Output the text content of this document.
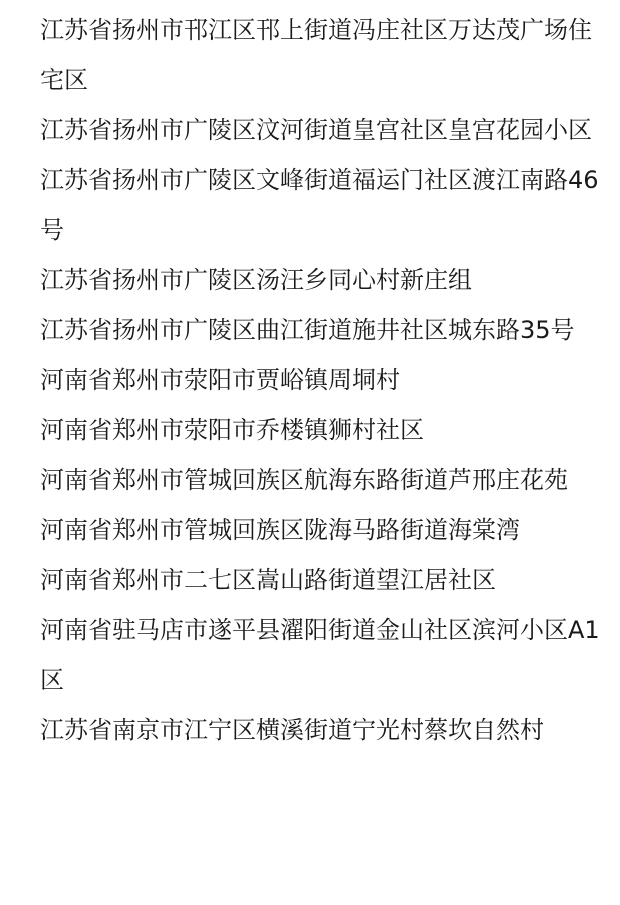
江苏省扬州市邗江区邗上街道冯庄社区万达茂广场住宅区
江苏省扬州市广陵区汶河街道皇宫社区皇宫花园小区
江苏省扬州市广陵区文峰街道福运门社区渡江南路46号
江苏省扬州市广陵区汤汪乡同心村新庄组
江苏省扬州市广陵区曲江街道施井社区城东路35号
河南省郑州市荥阳市贾峪镇周垌村
河南省郑州市荥阳市乔楼镇狮村社区
河南省郑州市管城回族区航海东路街道芦邢庄花苑
河南省郑州市管城回族区陇海马路街道海棠湾
河南省郑州市二七区嵩山路街道望江居社区
河南省驻马店市遂平县濯阳街道金山社区滨河小区A1区
江苏省南京市江宁区横溪街道宁光村蔡坎自然村
